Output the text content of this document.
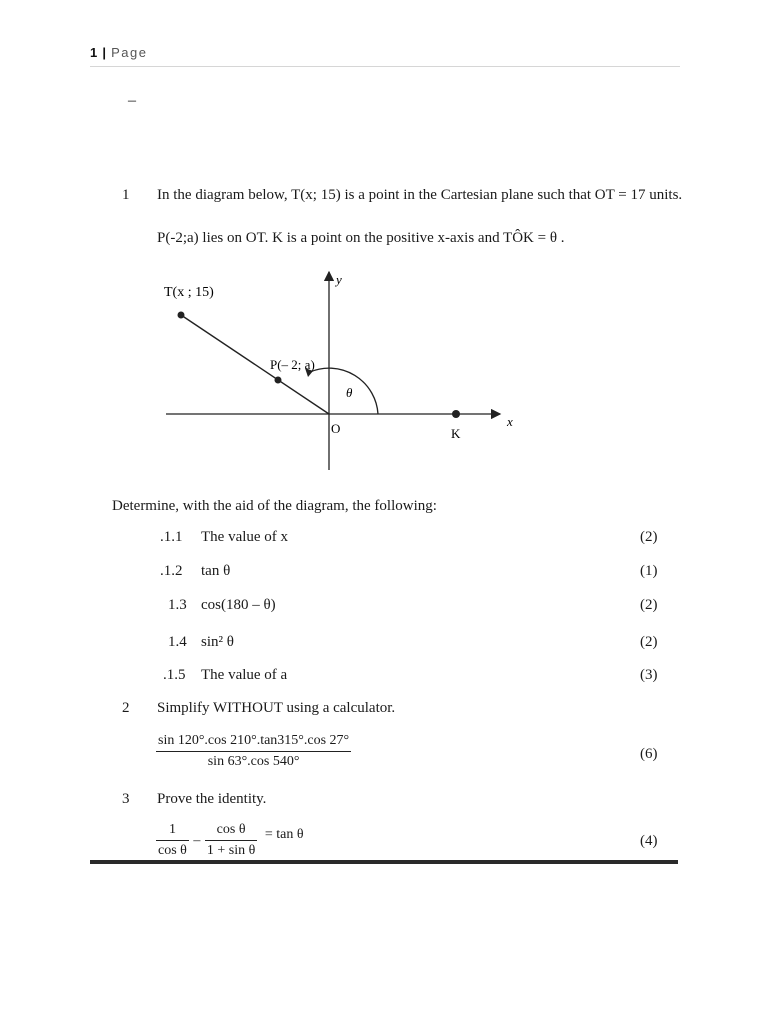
1 | Page
–
1 In the diagram below, T(x; 15) is a point in the Cartesian plane such that OT = 17 units.
P(-2;a) lies on OT. K is a point on the positive x-axis and TÔK = θ .
T(x ; 15)
P(– 2; a)
y
x
θ
O	K
Determine, with the aid of the diagram, the following:
.1.1 The value of x	(2)
.1.2 tan θ	(1)
1.3 cos(180 – θ)	(2)
1.4 sin² θ	(2)
.1.5 The value of a	(3)
2 Simplify WITHOUT using a calculator.
$\frac{\sin 120^\circ.\cos 210^\circ.\tan 315^\circ.\cos 27^\circ}{\sin 63^\circ.\cos 540^\circ}$	(6)
3 Prove the identity.
$\frac{1}{\text{cos θ}} - \frac{\text{cos θ}}{\text{1 + sin θ}} = \tan \theta$	(4)
